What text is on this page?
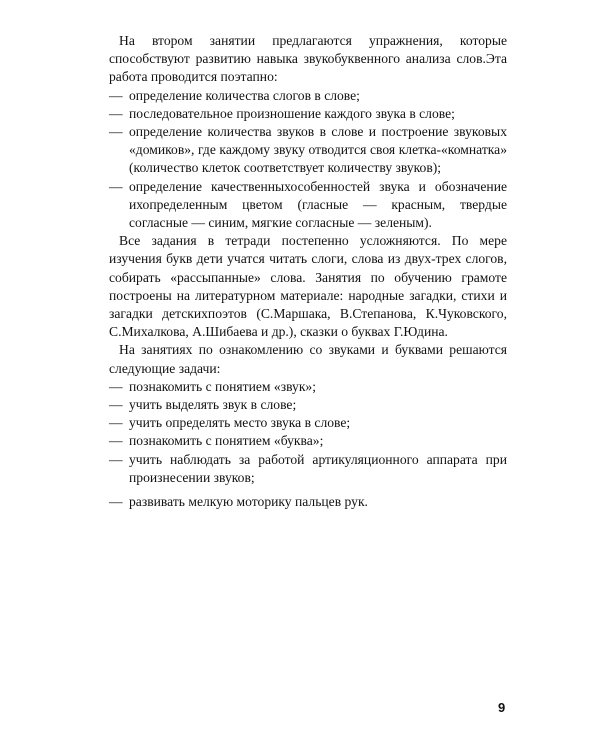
На втором занятии предлагаются упражнения, которые способствуют развитию навыка звукобуквенного анализа слов.Эта работа проводится поэтапно:

— определение количества слогов в слове;
— последовательное произношение каждого звука в слове;
— определение количества звуков в слове и построение звуковых «домиков», где каждому звуку отводится своя клетка-«комнатка» (количество клеток соответствует количеству звуков);
— определение качественныхособенностей звука и обозначение ихопределенным цветом (гласные — красным, твердые согласные — синим, мягкие согласные — зеленым).

Все задания в тетради постепенно усложняются. По мере изучения букв дети учатся читать слоги, слова из двух-трех слогов, собирать «рассыпанные» слова. Занятия по обучению грамоте построены на литературном материале: народные загадки, стихи и загадки детскихпоэтов (С.Маршака, В.Степанова, К.Чуковского, С.Михалкова, А.Шибаева и др.), сказки о буквах Г.Юдина.

На занятиях по ознакомлению со звуками и буквами решаются следующие задачи:

— познакомить с понятием «звук»;
— учить выделять звук в слове;
— учить определять место звука в слове;
— познакомить с понятием «буква»;
— учить наблюдать за работой артикуляционного аппарата при произнесении звуков;
— развивать мелкую моторику пальцев рук.
9
